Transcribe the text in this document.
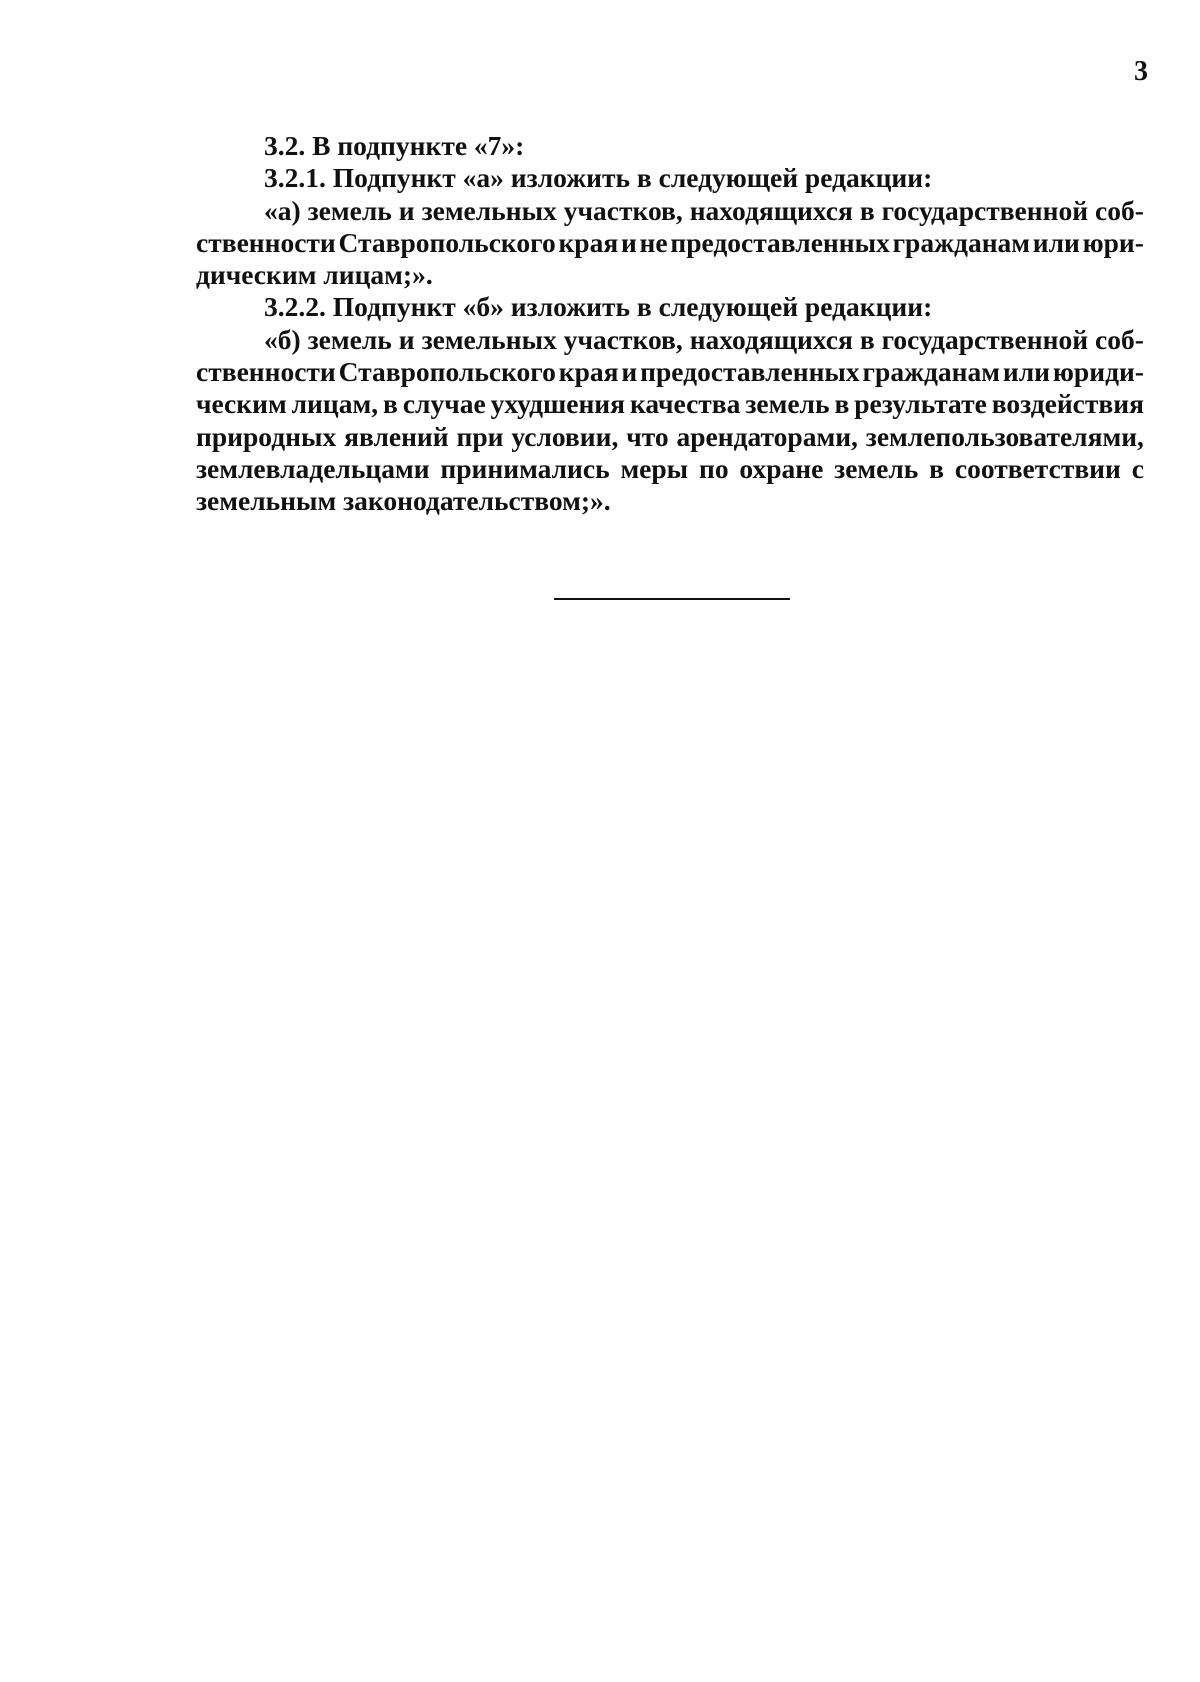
3
3.2. В подпункте «7»:
3.2.1. Подпункт «а» изложить в следующей редакции:
«а) земель и земельных участков, находящихся в государственной соб-
ственности Ставропольского края и не предоставленных гражданам или юри-
дическим лицам;».
3.2.2. Подпункт «б» изложить в следующей редакции:
«б) земель и земельных участков, находящихся в государственной соб-
ственности Ставропольского края и предоставленных гражданам или юриди-
ческим лицам, в случае ухудшения качества земель в результате воздействия
природных явлений при условии, что арендаторами, землепользователями,
землевладельцами принимались меры по охране земель в соответствии с
земельным законодательством;».
